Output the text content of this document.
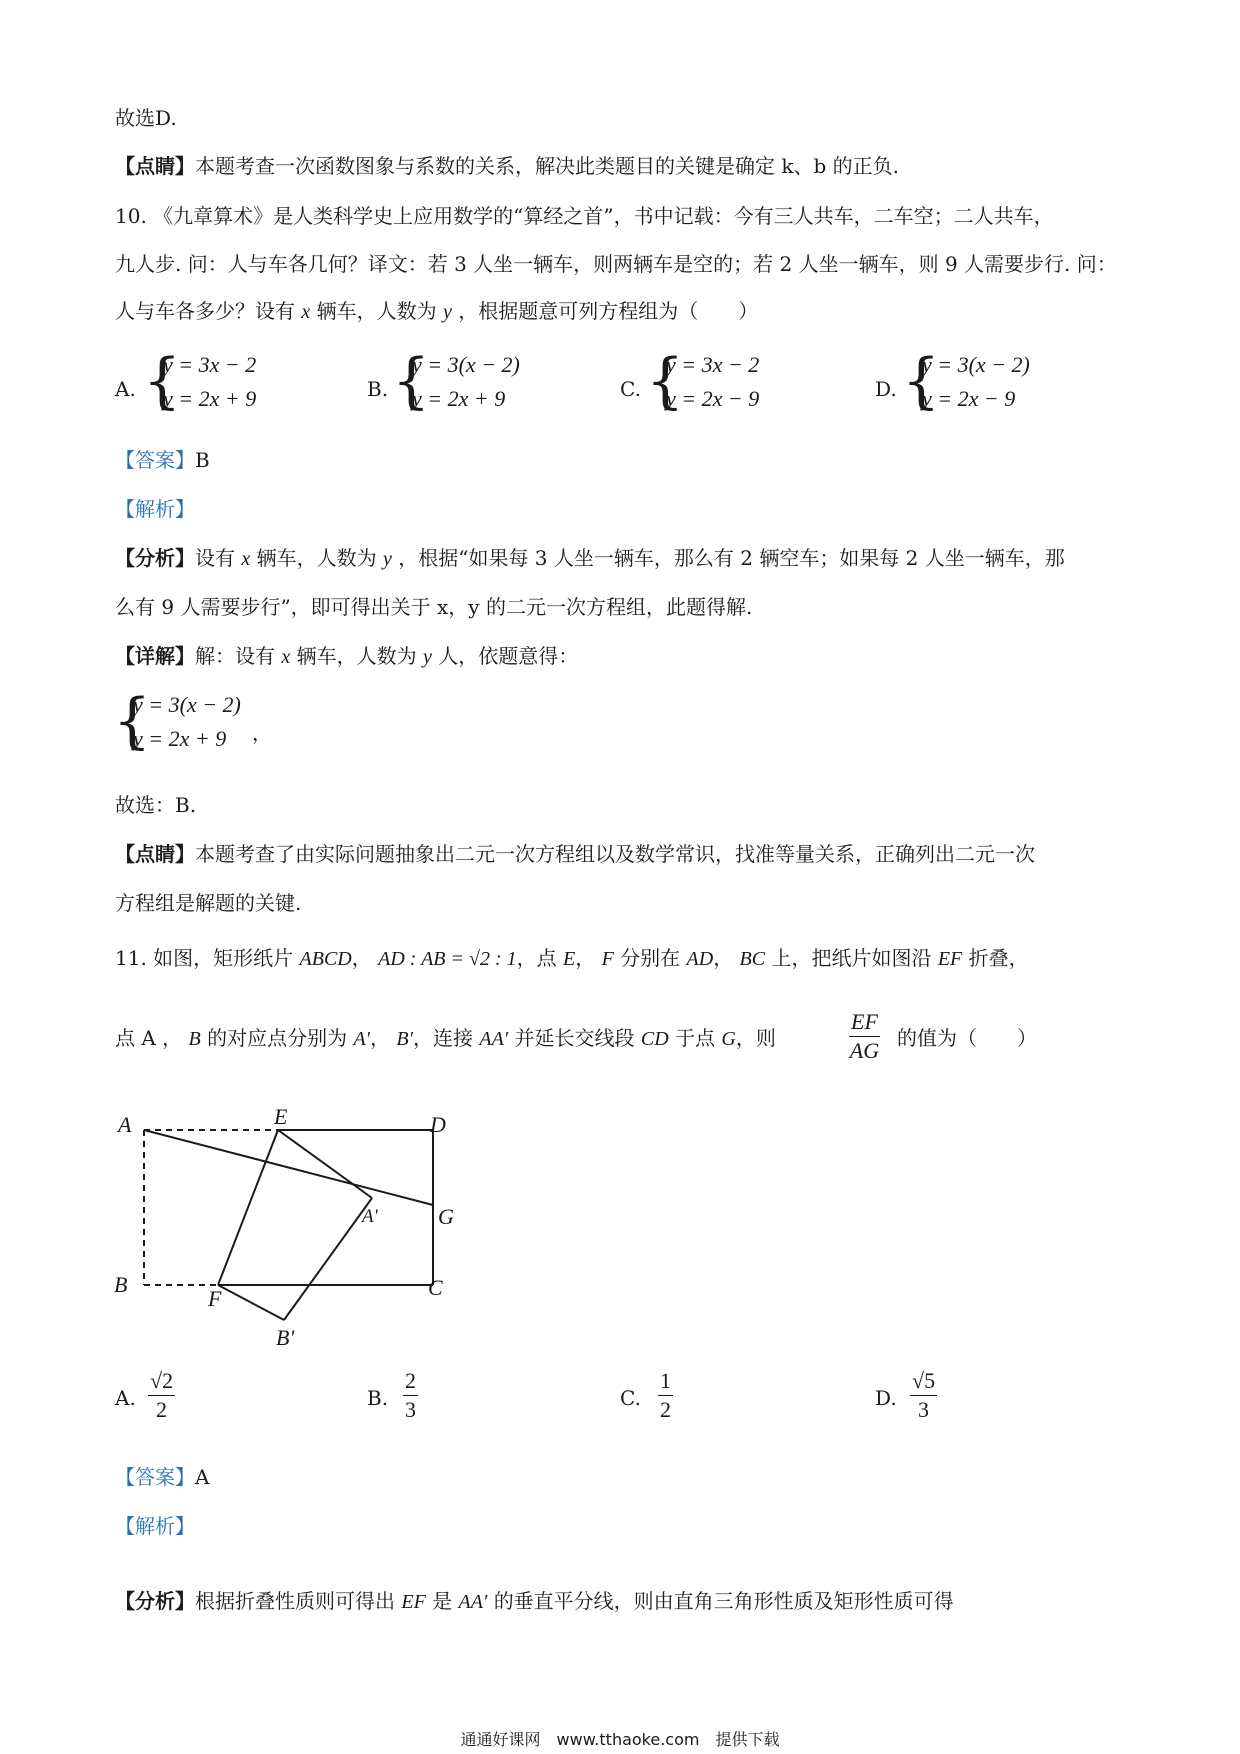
故选D.
【点睛】本题考查一次函数图象与系数的关系，解决此类题目的关键是确定 k、b 的正负.
10. 《九章算术》是人类科学史上应用数学的“算经之首”，书中记载：今有三人共车，二车空；二人共车，
九人步. 问：人与车各几何？译文：若 3 人坐一辆车，则两辆车是空的；若 2 人坐一辆车，则 9 人需要步行. 问：
人与车各多少？设有 x 辆车，人数为 y ，根据题意可列方程组为（　　）
A. {
y = 3x − 2
y = 2x + 9	B. {
y = 3(x − 2)
y = 2x + 9	C. {
y = 3x − 2
y = 2x − 9	D. {
y = 3(x − 2)
y = 2x − 9
【答案】B
【解析】
【分析】设有 x 辆车，人数为 y ，根据“如果每 3 人坐一辆车，那么有 2 辆空车；如果每 2 人坐一辆车，那
么有 9 人需要步行”，即可得出关于 x，y 的二元一次方程组，此题得解.
【详解】解：设有 x 辆车，人数为 y 人，依题意得：
{
y = 3(x − 2)
y = 2x + 9 ，
故选：B.
【点睛】本题考查了由实际问题抽象出二元一次方程组以及数学常识，找准等量关系，正确列出二元一次
方程组是解题的关键.
11. 如图，矩形纸片 ABCD， AD : AB = √2 : 1，点 E， F 分别在 AD， BC 上，把纸片如图沿 EF 折叠，
点 A ， B 的对应点分别为 A′， B′，连接 AA′ 并延长交线段 CD 于点 G，则	$\frac{EF}{AG}$ 的值为（　　）
A	E	D
A'	G
B
F	C
B'
A. $\frac{√2}{2}$	B. $\frac{2}{3}$	C. $\frac{1}{2}$	D. $\frac{√5}{3}$
【答案】A
【解析】
【分析】根据折叠性质则可得出 EF 是 AA′ 的垂直平分线，则由直角三角形性质及矩形性质可得
通通好课网　www.tthaoke.com　提供下载
